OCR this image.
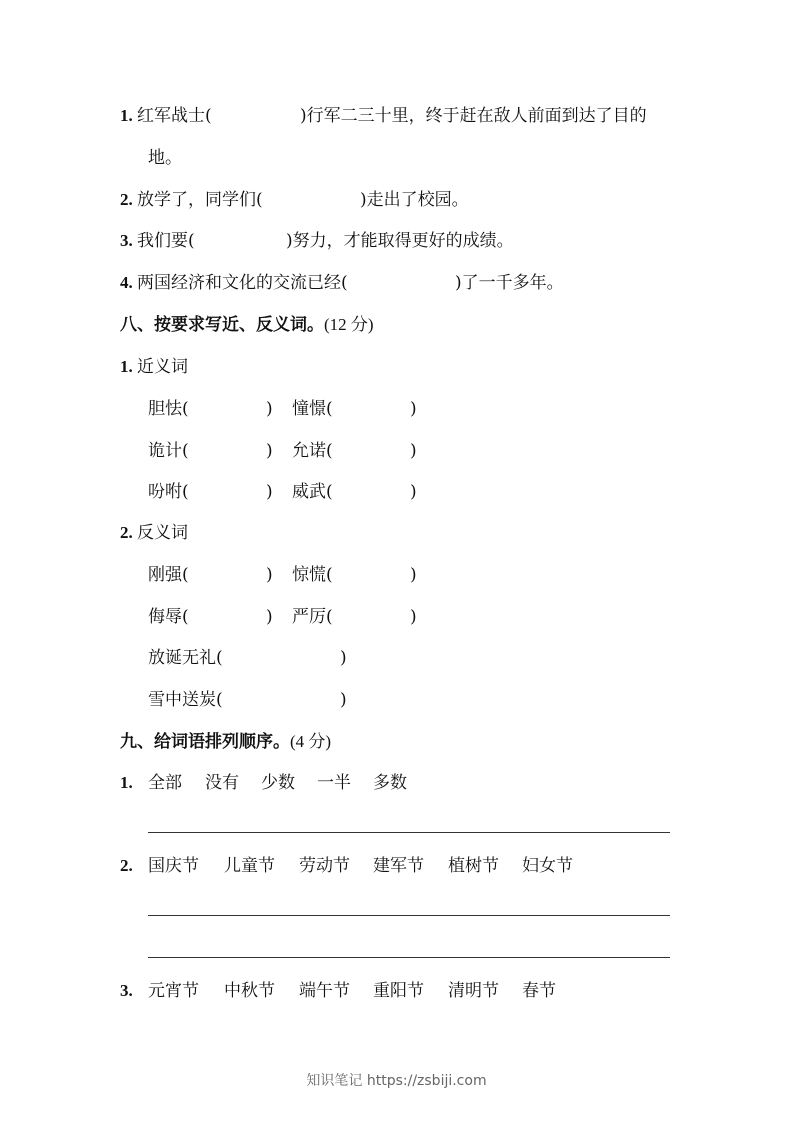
1. 红军战士(	)行军二三十里，终于赶在敌人前面到达了目的
地。
2. 放学了，同学们(	)走出了校园。
3. 我们要(	)努力，才能取得更好的成绩。
4. 两国经济和文化的交流已经(	)了一千多年。
八、按要求写近、反义词。(12 分)
1. 近义词
胆怯(	) 憧憬(	)
诡计(	) 允诺(	)
吩咐(	) 威武(	)
2. 反义词
刚强(	) 惊慌(	)
侮辱(	) 严厉(	)
放诞无礼(	)
雪中送炭(	)
九、给词语排列顺序。(4 分)
1. 全部 没有 少数 一半 多数
2. 国庆节 儿童节 劳动节 建军节 植树节 妇女节
3. 元宵节 中秋节 端午节 重阳节 清明节 春节
知识笔记 https://zsbiji.com
